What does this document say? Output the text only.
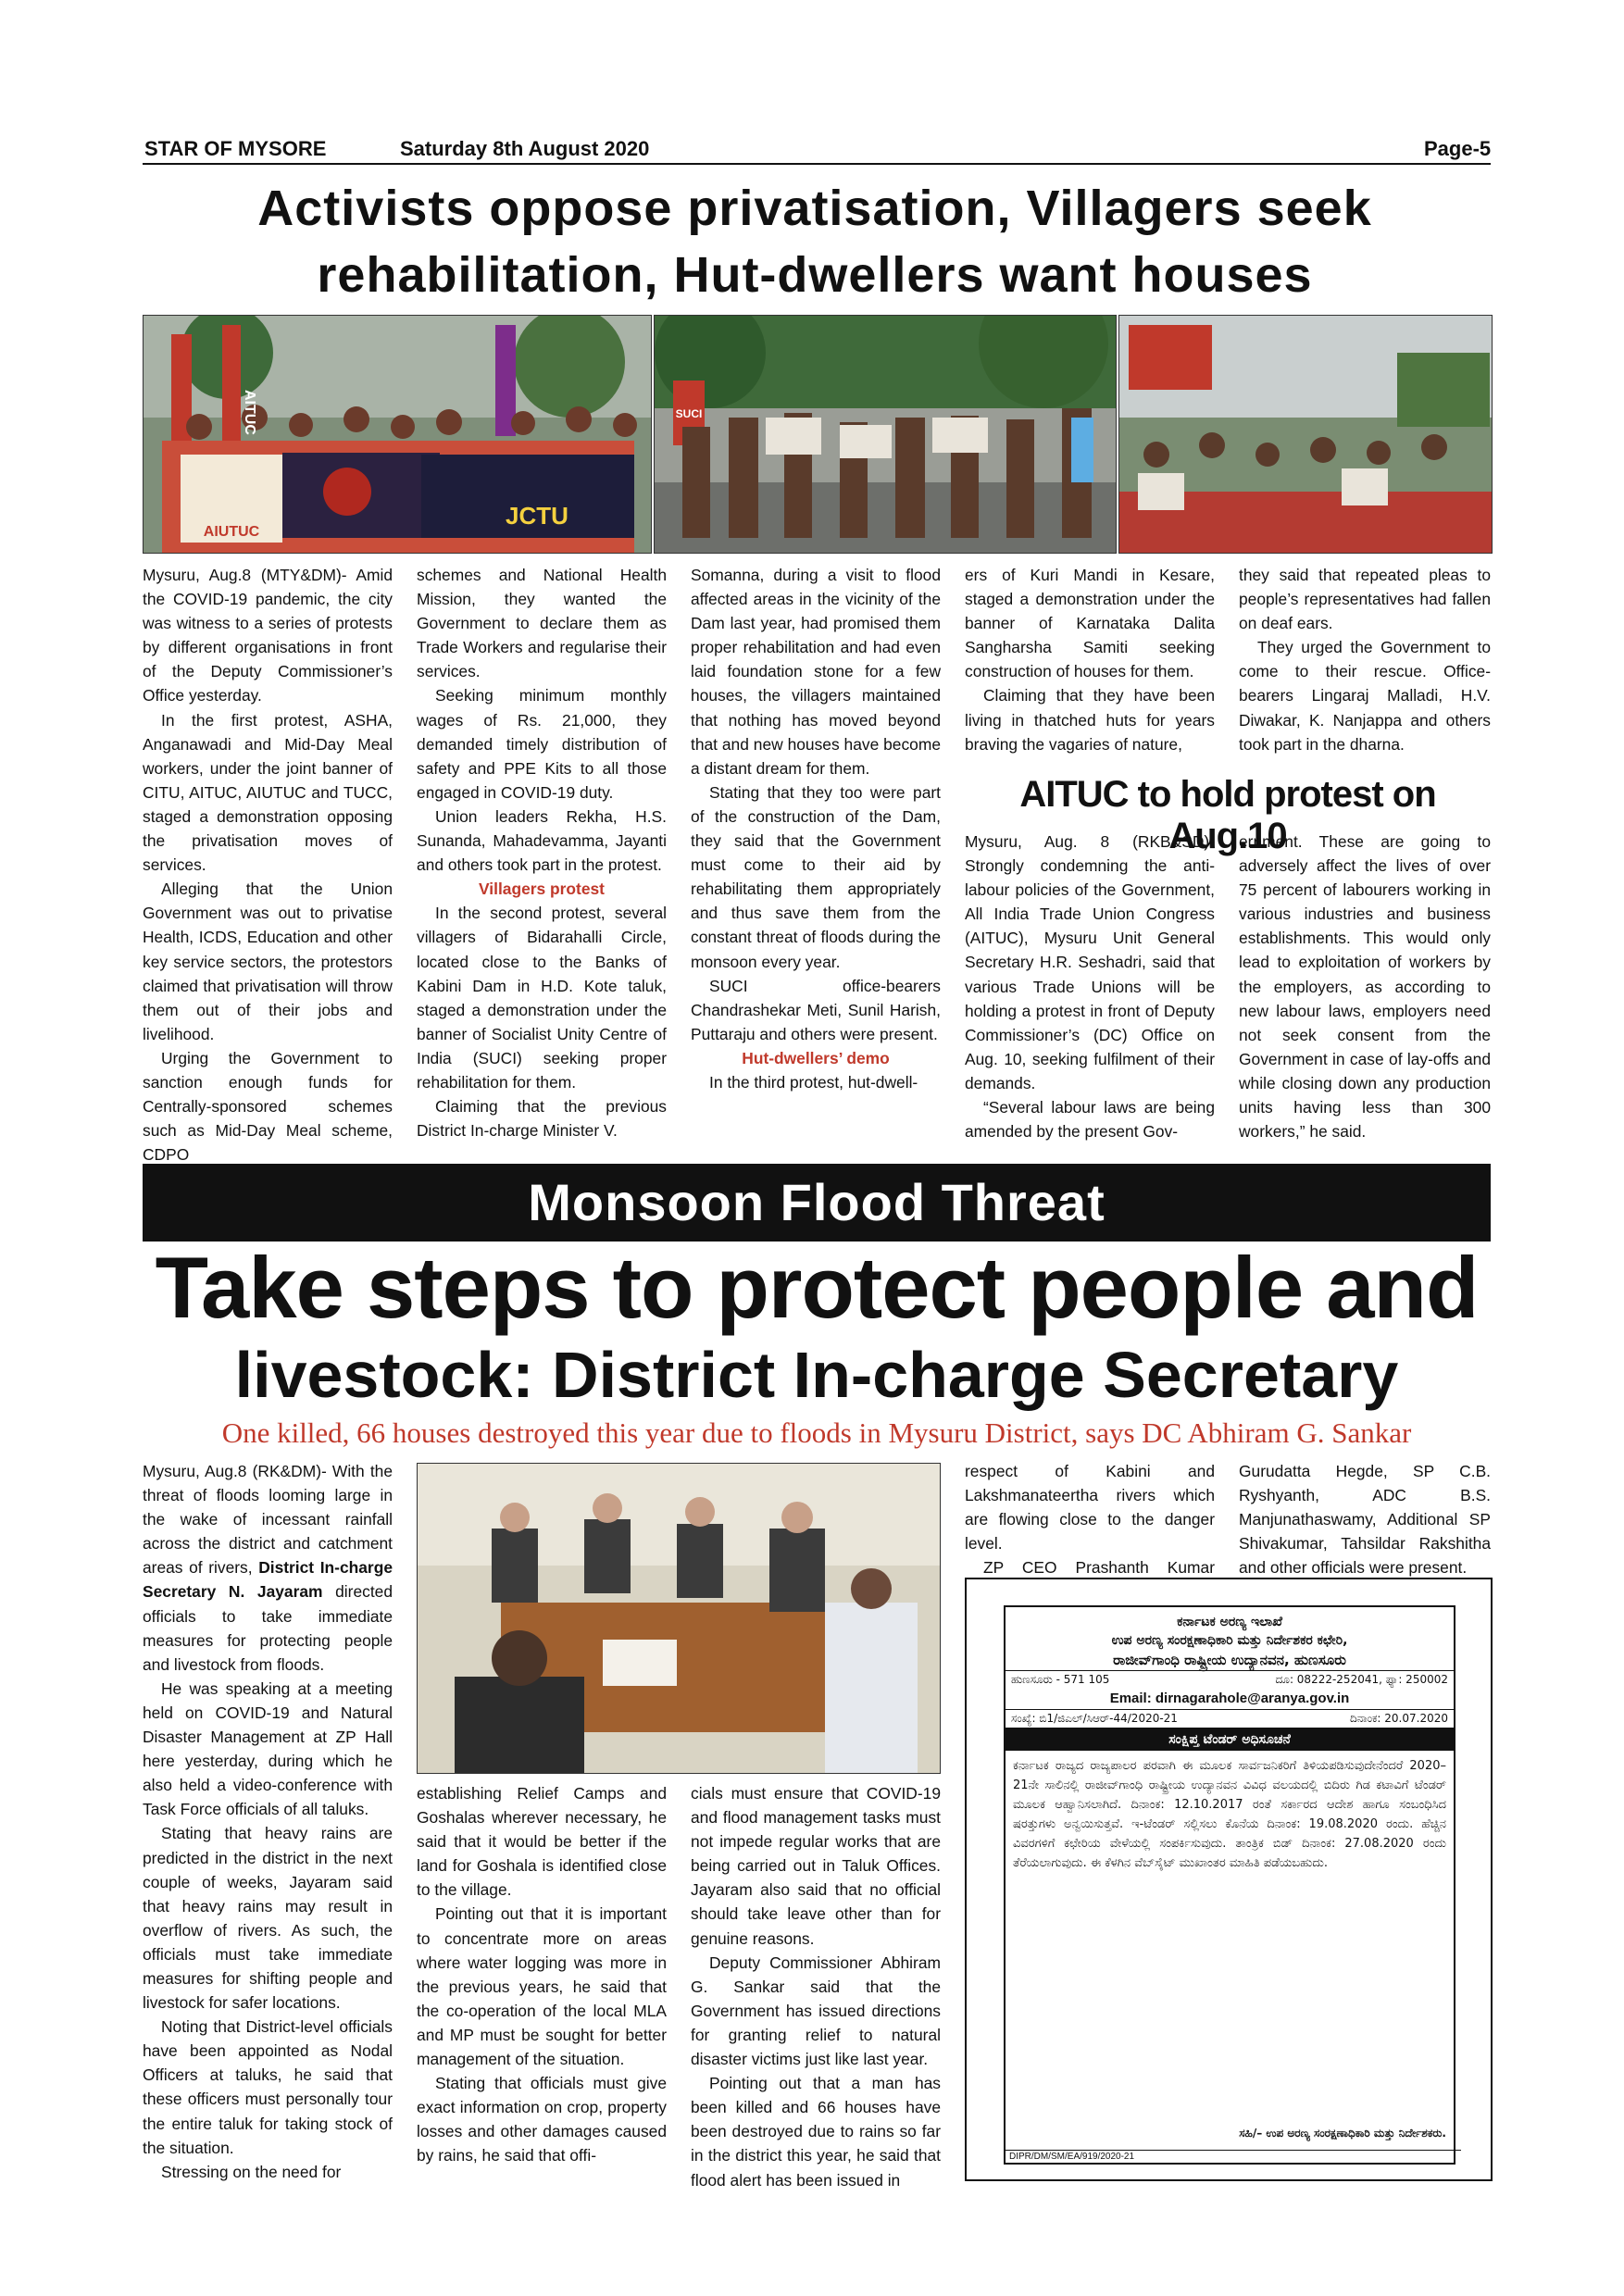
STAR OF MYSORE	Saturday 8th August 2020	Page-5
Activists oppose privatisation, Villagers seek
rehabilitation, Hut-dwellers want houses
JCTU
AIUTUC
AITUC	SUCI

Mysuru, Aug.8 (MTY&DM)- Amid the COVID-19 pandemic, the city was witness to a series of protests by different organisations in front of the Deputy Commissioner’s Office yesterday.

In the first protest, ASHA, Anganawadi and Mid-Day Meal workers, under the joint banner of CITU, AITUC, AIUTUC and TUCC, staged a demonstration opposing the privatisation moves of services.

Alleging that the Union Government was out to privatise Health, ICDS, Education and other key service sectors, the protestors claimed that privatisation will throw them out of their jobs and livelihood.

Urging the Government to sanction enough funds for Centrally-sponsored schemes such as Mid-Day Meal scheme, CDPO

schemes and National Health Mission, they wanted the Government to declare them as Trade Workers and regularise their services.

Seeking minimum monthly wages of Rs. 21,000, they demanded timely distribution of safety and PPE Kits to all those engaged in COVID-19 duty.

Union leaders Rekha, H.S. Sunanda, Mahadevamma, Jayanti and others took part in the protest.

Villagers protest

In the second protest, several villagers of Bidarahalli Circle, located close to the Banks of Kabini Dam in H.D. Kote taluk, staged a demonstration under the banner of Socialist Unity Centre of India (SUCI) seeking proper rehabilitation for them.

Claiming that the previous District In-charge Minister V.

Somanna, during a visit to flood affected areas in the vicinity of the Dam last year, had promised them proper rehabilitation and had even laid foundation stone for a few houses, the villagers maintained that nothing has moved beyond that and new houses have become a distant dream for them.

Stating that they too were part of the construction of the Dam, they said that the Government must come to their aid by rehabilitating them appropriately and thus save them from the constant threat of floods during the monsoon every year.

SUCI office-bearers Chandrashekar Meti, Sunil Harish, Puttaraju and others were present.

Hut-dwellers’ demo

In the third protest, hut-dwell-

ers of Kuri Mandi in Kesare, staged a demonstration under the banner of Karnataka Dalita Sangharsha Samiti seeking construction of houses for them.

Claiming that they have been living in thatched huts for years braving the vagaries of nature,

they said that repeated pleas to people’s representatives had fallen on deaf ears.

They urged the Government to come to their rescue. Office-bearers Lingaraj Malladi, H.V. Diwakar, K. Nanjappa and others took part in the dharna.

AITUC to hold protest on Aug.10

Mysuru, Aug. 8 (RKB&SD)- Strongly condemning the anti-labour policies of the Government, All India Trade Union Congress (AITUC), Mysuru Unit General Secretary H.R. Seshadri, said that various Trade Unions will be holding a protest in front of Deputy Commissioner’s (DC) Office on Aug. 10, seeking fulfilment of their demands.

“Several labour laws are being amended by the present Gov-

ernment. These are going to adversely affect the lives of over 75 percent of labourers working in various industries and business establishments. This would only lead to exploitation of workers by the employers, as according to new labour laws, employers need not seek consent from the Government in case of lay-offs and while closing down any production units having less than 300 workers,” he said.

Monsoon Flood Threat
Take steps to protect people and
livestock: District In-charge Secretary
One killed, 66 houses destroyed this year due to floods in Mysuru District, says DC Abhiram G. Sankar

Mysuru, Aug.8 (RK&DM)- With the threat of floods looming large in the wake of incessant rainfall across the district and catchment areas of rivers, District In-charge Secretary N. Jayaram directed officials to take immediate measures for protecting people and livestock from floods.

He was speaking at a meeting held on COVID-19 and Natural Disaster Management at ZP Hall here yesterday, during which he also held a video-conference with Task Force officials of all taluks.

Stating that heavy rains are predicted in the district in the next couple of weeks, Jayaram said that heavy rains may result in overflow of rivers. As such, the officials must take immediate measures for shifting people and livestock for safer locations.

Noting that District-level officials have been appointed as Nodal Officers at taluks, he said that these officers must personally tour the entire taluk for taking stock of the situation.

Stressing on the need for

establishing Relief Camps and Goshalas wherever necessary, he said that it would be better if the land for Goshala is identified close to the village.

Pointing out that it is important to concentrate more on areas where water logging was more in the previous years, he said that the co-operation of the local MLA and MP must be sought for better management of the situation.

Stating that officials must give exact information on crop, property losses and other damages caused by rains, he said that offi-

cials must ensure that COVID-19 and flood management tasks must not impede regular works that are being carried out in Taluk Offices. Jayaram also said that no official should take leave other than for genuine reasons.

Deputy Commissioner Abhiram G. Sankar said that the Government has issued directions for granting relief to natural disaster victims just like last year.

Pointing out that a man has been killed and 66 houses have been destroyed due to rains so far in the district this year, he said that flood alert has been issued in

respect of Kabini and Lakshmanateertha rivers which are flowing close to the danger level.

ZP CEO Prashanth Kumar

Gurudatta Hegde, SP C.B. Ryshyanth, ADC B.S. Manjunathaswamy, Additional SP Shivakumar, Tahsildar Rakshitha and other officials were present.

ಕರ್ನಾಟಕ ಅರಣ್ಯ ಇಲಾಖೆ
ಉಪ ಅರಣ್ಯ ಸಂರಕ್ಷಣಾಧಿಕಾರಿ ಮತ್ತು ನಿರ್ದೇಶಕರ ಕಛೇರಿ,
ರಾಜೀವ್‌ಗಾಂಧಿ ರಾಷ್ಟ್ರೀಯ ಉದ್ಯಾನವನ, ಹುಣಸೂರು
ಹುಣಸೂರು - 571 105	ದೂ: 08222-252041, ಫ್ಯಾ: 250002
Email: dirnagarahole@aranya.gov.in
ಸಂಖ್ಯೆ: ಬಿ1/ಜಿಎಲ್/ಸಿಆರ್-44/2020-21	ದಿನಾಂಕ: 20.07.2020
ಸಂಕ್ಷಿಪ್ತ ಟೆಂಡರ್ ಅಧಿಸೂಚನೆ
ಕರ್ನಾಟಕ ರಾಜ್ಯದ ರಾಜ್ಯಪಾಲರ ಪರವಾಗಿ ಈ ಮೂಲಕ ಸಾರ್ವಜನಿಕರಿಗೆ ತಿಳಿಯಪಡಿಸುವುದೇನೆಂದರೆ 2020–21ನೇ ಸಾಲಿನಲ್ಲಿ ರಾಜೀವ್‌ಗಾಂಧಿ ರಾಷ್ಟ್ರೀಯ ಉದ್ಯಾನವನ ವಿವಿಧ ವಲಯದಲ್ಲಿ ಬಿದಿರು ಗಿಡ ಕಟಾವಿಗೆ ಟೆಂಡರ್ ಮೂಲಕ ಆಹ್ವಾನಿಸಲಾಗಿದೆ. ದಿನಾಂಕ: 12.10.2017 ರಂತೆ ಸರ್ಕಾರದ ಆದೇಶ ಹಾಗೂ ಸಂಬಂಧಿಸಿದ ಷರತ್ತುಗಳು ಅನ್ವಯಿಸುತ್ತವೆ. ಇ-ಟೆಂಡರ್ ಸಲ್ಲಿಸಲು ಕೊನೆಯ ದಿನಾಂಕ: 19.08.2020 ರಂದು. ಹೆಚ್ಚಿನ ವಿವರಗಳಿಗೆ ಕಛೇರಿಯ ವೇಳೆಯಲ್ಲಿ ಸಂಪರ್ಕಿಸುವುದು. ತಾಂತ್ರಿಕ ಬಿಡ್ ದಿನಾಂಕ: 27.08.2020 ರಂದು ತೆರೆಯಲಾಗುವುದು. ಈ ಕೆಳಗಿನ ವೆಬ್‌ಸೈಟ್ ಮುಖಾಂತರ ಮಾಹಿತಿ ಪಡೆಯಬಹುದು.
ಸಹಿ/– ಉಪ ಅರಣ್ಯ ಸಂರಕ್ಷಣಾಧಿಕಾರಿ ಮತ್ತು ನಿರ್ದೇಶಕರು.
DIPR/DM/SM/EA/919/2020-21
